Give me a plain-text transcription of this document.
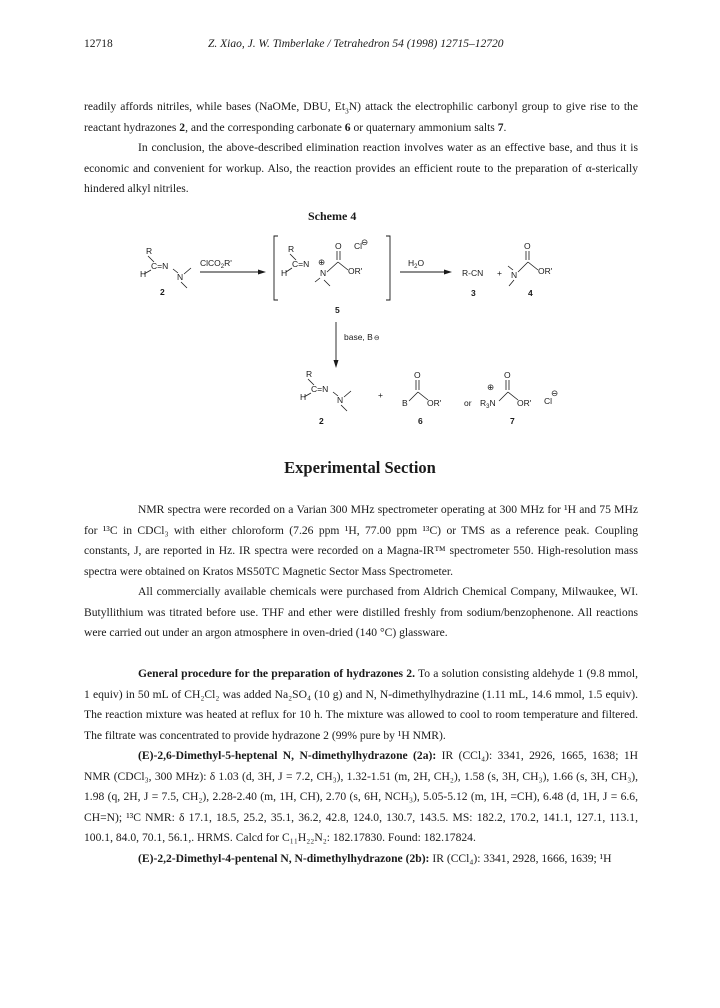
12718	Z. Xiao, J. W. Timberlake / Tetrahedron 54 (1998) 12715–12720

readily affords nitriles, while bases (NaOMe, DBU, $Et_3N$) attack the electrophilic carbonyl group to give rise to the reactant hydrazones 2, and the corresponding carbonate 6 or quaternary ammonium salts 7.

In conclusion, the above-described elimination reaction involves water as an effective base, and thus it is economic and convenient for workup. Also, the reaction provides an efficient route to the preparation of α-sterically hindered alkyl nitriles.

Scheme 4
R
C=N
H	N
2
ClCO$_2$R'
R
C=N ⊕
H	N
O
OR'
Cl
⊖
5
$H_2O$
R-CN
3
+ N
O
OR'
4
base, B⊖
R
C=N
H	N
2
+
B
O
OR'
6
or
⊕
$R_3N$
O
OR' Cl
⊖
7
Experimental Section

NMR spectra were recorded on a Varian 300 MHz spectrometer operating at 300 MHz for ¹H and 75 MHz for ¹³C in CDCl₃ with either chloroform (7.26 ppm ¹H, 77.00 ppm ¹³C) or TMS as a reference peak. Coupling constants, J, are reported in Hz. IR spectra were recorded on a Magna-IR™ spectrometer 550. High-resolution mass spectra were obtained on Kratos MS50TC Magnetic Sector Mass Spectrometer.

All commercially available chemicals were purchased from Aldrich Chemical Company, Milwaukee, WI. Butyllithium was titrated before use. THF and ether were distilled freshly from sodium/benzophenone. All reactions were carried out under an argon atmosphere in oven-dried (140 °C) glassware.

General procedure for the preparation of hydrazones 2. To a solution consisting aldehyde 1 (9.8 mmol, 1 equiv) in 50 mL of CH₂Cl₂ was added Na₂SO₄ (10 g) and N, N-dimethylhydrazine (1.11 mL, 14.6 mmol, 1.5 equiv). The reaction mixture was heated at reflux for 10 h. The mixture was allowed to cool to room temperature and filtered. The filtrate was concentrated to provide hydrazone 2 (99% pure by ¹H NMR).

(E)-2,6-Dimethyl-5-heptenal N, N-dimethylhydrazone (2a): IR (CCl₄): 3341, 2926, 1665, 1638; 1H NMR (CDCl₃, 300 MHz): δ 1.03 (d, 3H, J = 7.2, CH₃), 1.32-1.51 (m, 2H, CH₂), 1.58 (s, 3H, CH₃), 1.66 (s, 3H, CH₃), 1.98 (q, 2H, J = 7.5, CH₂), 2.28-2.40 (m, 1H, CH), 2.70 (s, 6H, NCH₃), 5.05-5.12 (m, 1H, =CH), 6.48 (d, 1H, J = 6.6, CH=N); ¹³C NMR: δ 17.1, 18.5, 25.2, 35.1, 36.2, 42.8, 124.0, 130.7, 143.5. MS: 182.2, 170.2, 141.1, 127.1, 113.1, 100.1, 84.0, 70.1, 56.1,. HRMS. Calcd for C₁₁H₂₂N₂: 182.17830. Found: 182.17824.

(E)-2,2-Dimethyl-4-pentenal N, N-dimethylhydrazone (2b): IR (CCl₄): 3341, 2928, 1666, 1639; ¹H
